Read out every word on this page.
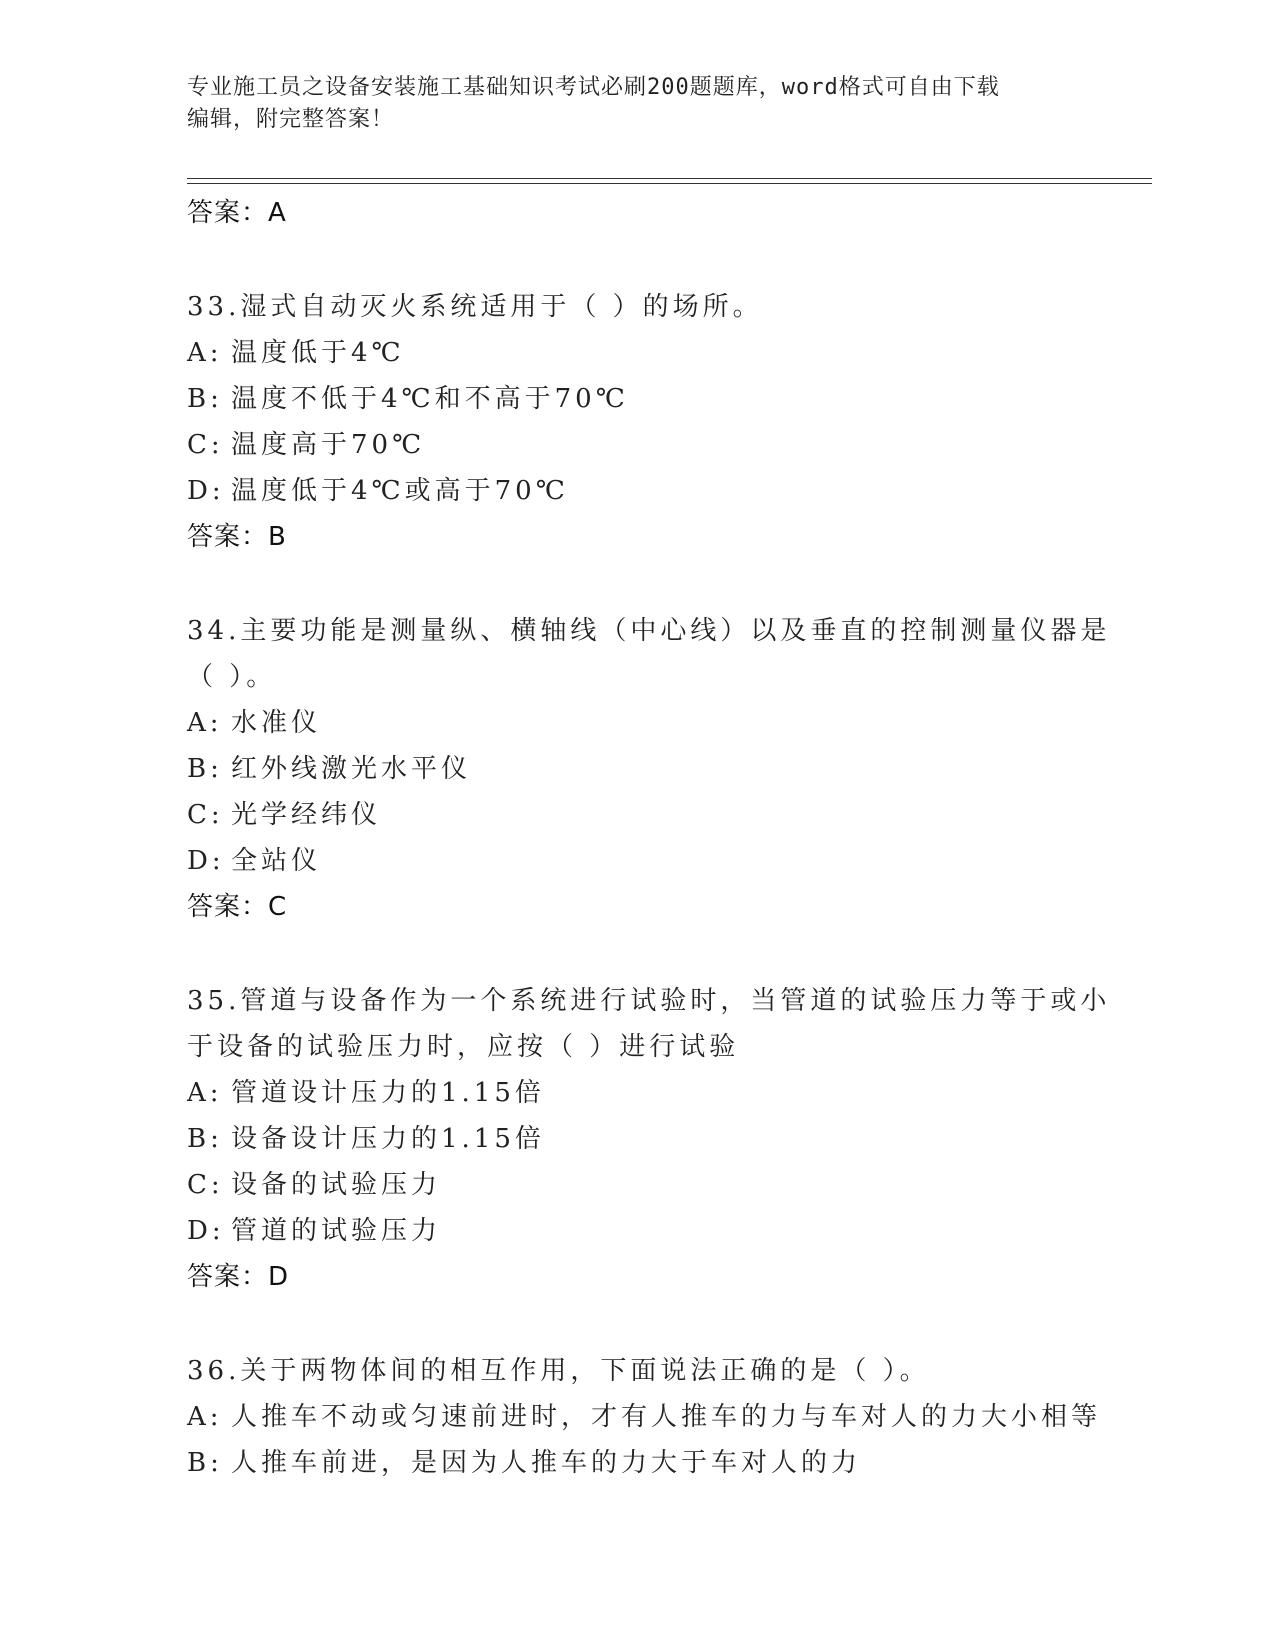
专业施工员之设备安装施工基础知识考试必刷200题题库，word格式可自由下载
编辑，附完整答案！
答案：A
33.湿式自动灭火系统适用于（ ）的场所。
A: 温度低于4℃
B: 温度不低于4℃和不高于70℃
C: 温度高于70℃
D: 温度低于4℃或高于70℃
答案：B
34.主要功能是测量纵、横轴线（中心线）以及垂直的控制测量仪器是
（ ）。
A: 水准仪
B: 红外线激光水平仪
C: 光学经纬仪
D: 全站仪
答案：C
35.管道与设备作为一个系统进行试验时，当管道的试验压力等于或小
于设备的试验压力时，应按（ ）进行试验
A: 管道设计压力的1.15倍
B: 设备设计压力的1.15倍
C: 设备的试验压力
D: 管道的试验压力
答案：D
36.关于两物体间的相互作用，下面说法正确的是（ ）。
A: 人推车不动或匀速前进时，才有人推车的力与车对人的力大小相等
B: 人推车前进，是因为人推车的力大于车对人的力
